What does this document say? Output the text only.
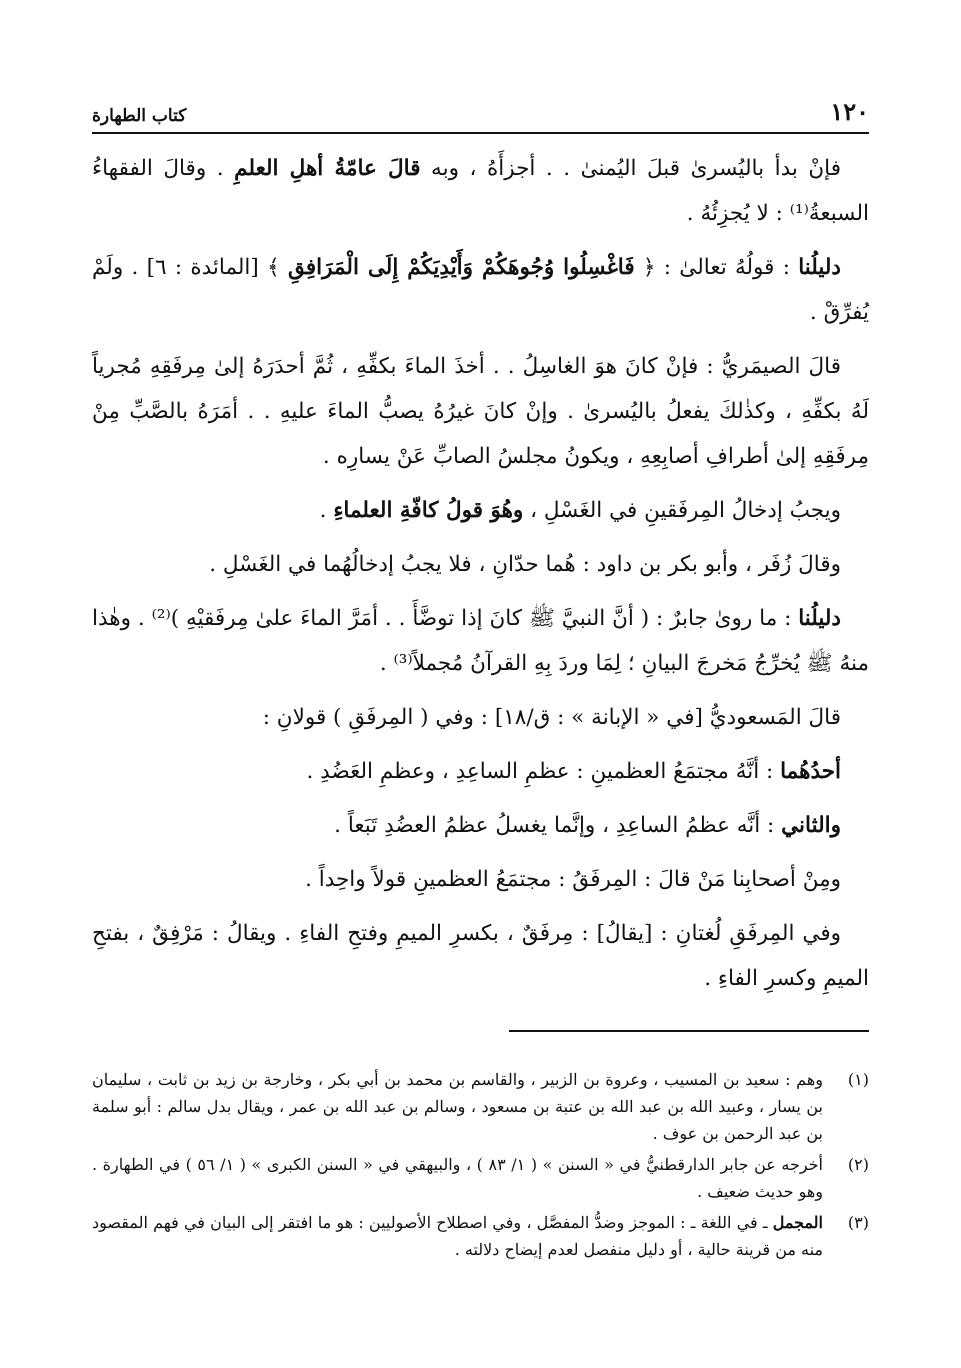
١٢٠
كتاب الطهارة

فإنْ بدأ باليُسرىٰ قبلَ اليُمنىٰ . . أجزأَهُ ، وبه قالَ عامّةُ أهلِ العلمِ . وقالَ الفقهاءُ السبعةُ⁽¹⁾ : لا يُجزِئُهُ .

دليلُنا : قولُهُ تعالىٰ : ﴿ فَاغْسِلُوا وُجُوهَكُمْ وَأَيْدِيَكُمْ إِلَى الْمَرَافِقِ ﴾ [المائدة : ٦] . ولَمْ يُفرِّقْ .

قالَ الصيمَريُّ : فإنْ كانَ هوَ الغاسِلُ . . أخذَ الماءَ بكفِّهِ ، ثُمَّ أحدَرَهُ إلىٰ مِرفَقِهِ مُجرياً لَهُ بكفِّهِ ، وكذٰلكَ يفعلُ باليُسرىٰ . وإنْ كانَ غيرُهُ يصبُّ الماءَ عليهِ . . أمَرَهُ بالصَّبِّ مِنْ مِرفَقِهِ إلىٰ أطرافِ أصابِعِهِ ، ويكونُ مجلسُ الصابِّ عَنْ يسارِه .

ويجبُ إدخالُ المِرفَقينِ في الغَسْلِ ، وهُوَ قولُ كافّةِ العلماءِ .

وقالَ زُفَر ، وأبو بكر بن داود : هُما حدّانِ ، فلا يجبُ إدخالُهُما في الغَسْلِ .

دليلُنا : ما روىٰ جابرٌ : ( أنَّ النبيَّ ﷺ كانَ إذا توضَّأَ . . أمَرَّ الماءَ علىٰ مِرفَقيْهِ )⁽²⁾ . وهٰذا منهُ ﷺ يُخرِّجُ مَخرجَ البيانِ ؛ لِمَا وردَ بِهِ القرآنُ مُجملاً⁽³⁾ .

قالَ المَسعوديُّ [في « الإبانة » : ق/١٨] : وفي ( المِرفَقِ ) قولانِ :

أحدُهُما : أنَّهُ مجتمَعُ العظمينِ : عظمِ الساعِدِ ، وعظمِ العَضُدِ .

والثاني : أنَّه عظمُ الساعِدِ ، وإنَّما يغسلُ عظمُ العضُدِ تَبَعاً .

ومِنْ أصحابِنا مَنْ قالَ : المِرفَقُ : مجتمَعُ العظمينِ قولاً واحِداً .

وفي المِرفَقِ لُغتانِ : [يقالُ] : مِرفَقٌ ، بكسرِ الميمِ وفتحِ الفاءِ . ويقالُ : مَرْفِقٌ ، بفتحِ الميمِ وكسرِ الفاءِ .

(١)
وهم : سعيد بن المسيب ، وعروة بن الزبير ، والقاسم بن محمد بن أبي بكر ، وخارجة بن زيد بن ثابت ، سليمان بن يسار ، وعبيد الله بن عبد الله بن عتبة بن مسعود ، وسالم بن عبد الله بن عمر ، ويقال بدل سالم : أبو سلمة بن عبد الرحمن بن عوف .
(٢)
أخرجه عن جابر الدارقطنيُّ في « السنن » ( ١/ ٨٣ ) ، والبيهقي في « السنن الكبرى » ( ١/ ٥٦ ) في الطهارة . وهو حديث ضعيف .
(٣)
المجمل ـ في اللغة ـ : الموجز وضدُّ المفصَّل ، وفي اصطلاح الأصوليين : هو ما افتقر إلى البيان في فهم المقصود منه من قرينة حالية ، أو دليل منفصل لعدم إيضاح دلالته .
